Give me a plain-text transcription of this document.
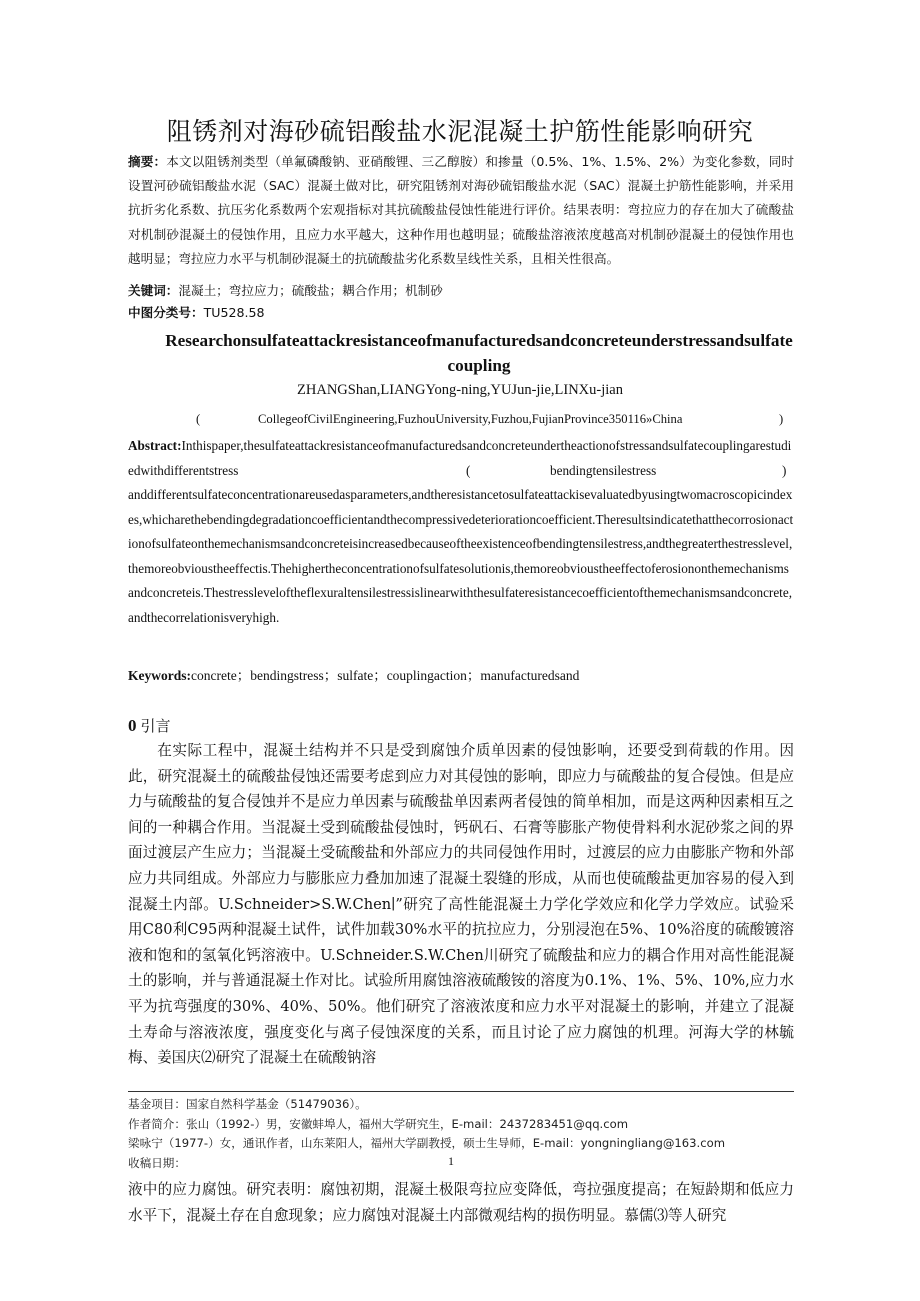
阻锈剂对海砂硫铝酸盐水泥混凝土护筋性能影响研究
摘要：本文以阻锈剂类型（单氟磷酸钠、亚硝酸锂、三乙醇胺）和掺量（0.5%、1%、1.5%、2%）为变化参数，同时设置河砂硫铝酸盐水泥（SAC）混凝土做对比，研究阻锈剂对海砂硫铝酸盐水泥（SAC）混凝土护筋性能影响，并采用抗折劣化系数、抗压劣化系数两个宏观指标对其抗硫酸盐侵蚀性能进行评价。结果表明：弯拉应力的存在加大了硫酸盐对机制砂混凝土的侵蚀作用，且应力水平越大，这种作用也越明显；硫酸盐溶液浓度越高对机制砂混凝土的侵蚀作用也越明显；弯拉应力水平与机制砂混凝土的抗硫酸盐劣化系数呈线性关系，且相关性很高。
关键词：混凝土；弯拉应力；硫酸盐；耦合作用；机制砂
中图分类号：TU528.58
Researchonsulfateattackresistanceofmanufacturedsandconcreteunderstressandsulfatecoupling
ZHANGShan,LIANGYong-ning,YUJun-jie,LINXu-jian
(	CollegeofCivilEngineering,FuzhouUniversity,Fuzhou,FujianProvince350116»China	)
Abstract:Inthispaper,thesulfateattackresistanceofmanufacturedsandconcreteundertheactionofstressandsulfatecouplingarestudiedwithdifferentstress	(	bendingtensilestress	)
anddifferentsulfateconcentrationareusedasparameters,andtheresistancetosulfateattackisevaluatedbyusingtwomacroscopicindexes,whicharethebendingdegradationcoefficientandthecompressivedeteriorationcoefficient.Theresultsindicatethatthecorrosionactionofsulfateonthemechanismsandconcreteisincreasedbecauseoftheexistenceofbendingtensilestress,andthegreaterthestresslevel,themoreobvioustheeffectis.Thehighertheconcentrationofsulfatesolutionis,themoreobvioustheeffectoferosiononthemechanismsandconcreteis.Thestressleveloftheflexuraltensilestressislinearwiththesulfateresistancecoefficientofthemechanismsandconcrete,andthecorrelationisveryhigh.
Keywords:concrete；bendingstress；sulfate；couplingaction；manufacturedsand
0 引言
在实际工程中，混凝土结构并不只是受到腐蚀介质单因素的侵蚀影响，还要受到荷载的作用。因此，研究混凝土的硫酸盐侵蚀还需要考虑到应力对其侵蚀的影响，即应力与硫酸盐的复合侵蚀。但是应力与硫酸盐的复合侵蚀并不是应力单因素与硫酸盐单因素两者侵蚀的简单相加，而是这两种因素相互之间的一种耦合作用。当混凝土受到硫酸盐侵蚀时，钙矾石、石膏等膨胀产物使骨料利水泥砂浆之间的界面过渡层产生应力；当混凝土受硫酸盐和外部应力的共同侵蚀作用时，过渡层的应力由膨胀产物和外部应力共同组成。外部应力与膨胀应力叠加加速了混凝土裂缝的形成，从而也使硫酸盐更加容易的侵入到混凝土内部。U.Schneider>S.W.Chen∣”研究了高性能混凝土力学化学效应和化学力学效应。试验采用C80利C95两种混凝土试件，试件加载30%水平的抗拉应力，分别浸泡在5%、10%浴度的硫酸镀溶液和饱和的氢氧化钙溶液中。U.Schneider.S.W.Chen川研究了硫酸盐和应力的耦合作用对高性能混凝土的影响，并与普通混凝土作对比。试验所用腐蚀溶液硫酸铵的溶度为0.1%、1%、5%、10%,应力水平为抗弯强度的30%、40%、50%。他们研究了溶液浓度和应力水平对混凝土的影响，并建立了混凝土寿命与溶液浓度，强度变化与离子侵蚀深度的关系，而且讨论了应力腐蚀的机理。河海大学的林毓梅、姜国庆⑵研究了混凝土在硫酸钠溶
基金项目：国家自然科学基金（51479036）。
作者简介：张山（1992-）男，安徽蚌埠人，福州大学研究生，E-mail：2437283451@qq.com
梁咏宁（1977-）女，通讯作者，山东莱阳人，福州大学副教授，硕士生导师，E-mail：yongningliang@163.com
收稿日期：	1
液中的应力腐蚀。研究表明：腐蚀初期，混凝土极限弯拉应变降低，弯拉强度提高；在短龄期和低应力水平下，混凝土存在自愈现象；应力腐蚀对混凝土内部微观结构的损伤明显。慕儒⑶等人研究
